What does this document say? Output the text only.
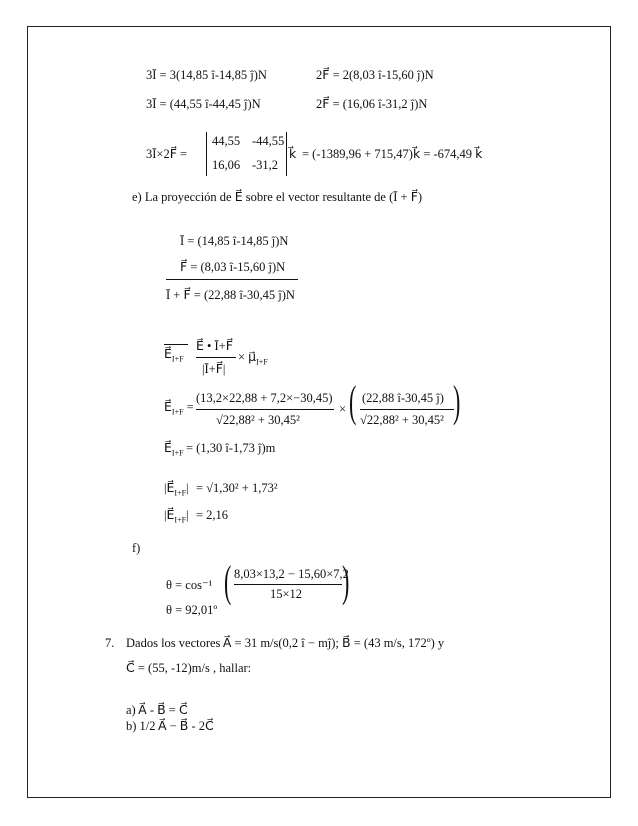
3Ī = 3(14,85 î-14,85 ĵ)N	2F⃗ = 2(8,03 î-15,60 ĵ)N
3Ī = (44,55 î-44,45 ĵ)N	2F⃗ = (16,06 î-31,2 ĵ)N
3Ī×2F⃗ =
44,55 -44,55
16,06 -31,2
k⃗ = (-1389,96 + 715,47)k⃗ = -674,49 k⃗
e) La proyección de E⃗ sobre el vector resultante de (Ī + F⃗)
Ī = (14,85 î-14,85 ĵ)N
F⃗ = (8,03 î-15,60 ĵ)N
Ī + F⃗ = (22,88 î-30,45 ĵ)N
$E⃗_{I+F}$
E⃗ • Ī+F⃗
|Ī+F⃗|
× $\mu⃗_{I+F}$
$E⃗_{I+F}$ =
(13,2×22,88 + 7,2×−30,45)
√22,88² + 30,45²
× ( (22,88 î-30,45 ĵ)
√22,88² + 30,45² )
$E⃗_{I+F} = (1,30$ î-1,73 ĵ)m
$|E⃗_{I+F}| = √1,30^2 + 1,73^2$
$|E⃗_{I+F}| = 2,16$
f)
θ = cos⁻¹ ( 8,03×13,2 − 15,60×7,2
15×12 )
θ = 92,01º
7. Dados los vectores A⃗ = 31 m/s(0,2 î − mĵ); B⃗ = (43 m/s, 172º) y
C⃗ = (55, -12)m/s , hallar:
a) A⃗ - B⃗ = C⃗
b) 1/2 A⃗ − B⃗ - 2C⃗
